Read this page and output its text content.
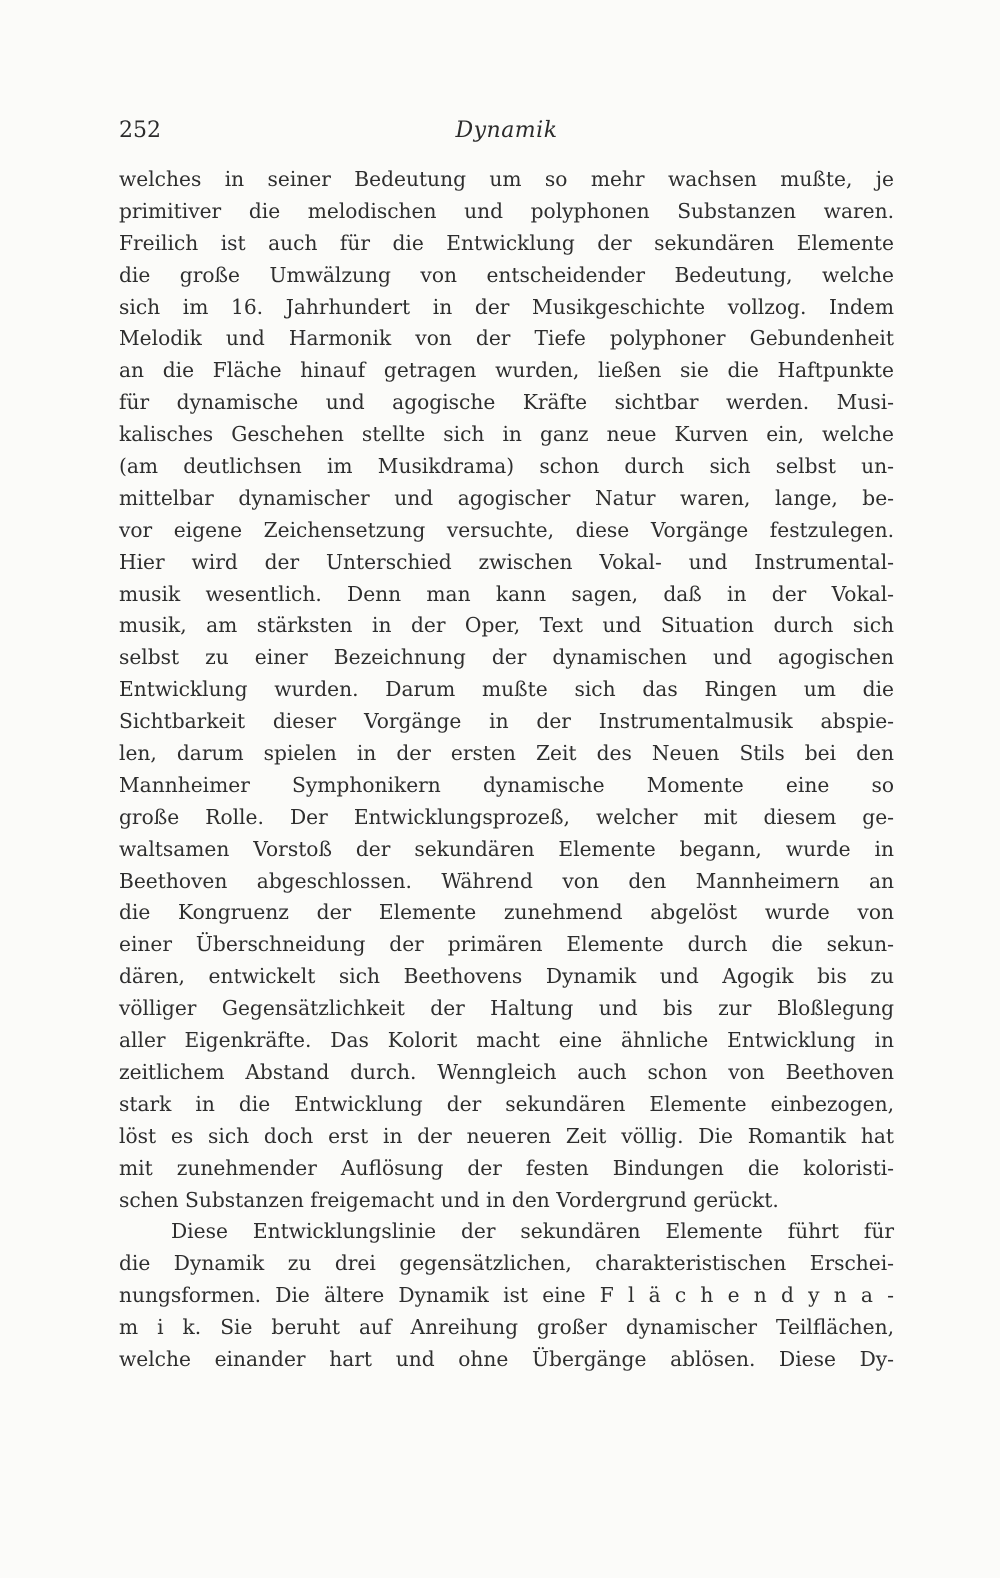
252	Dynamik
welches in seiner Bedeutung um so mehr wachsen mußte, je
primitiver die melodischen und polyphonen Substanzen waren.
Freilich ist auch für die Entwicklung der sekundären Elemente
die große Umwälzung von entscheidender Bedeutung, welche
sich im 16. Jahrhundert in der Musikgeschichte vollzog. Indem
Melodik und Harmonik von der Tiefe polyphoner Gebundenheit
an die Fläche hinauf getragen wurden, ließen sie die Haftpunkte
für dynamische und agogische Kräfte sichtbar werden. Musi-
kalisches Geschehen stellte sich in ganz neue Kurven ein, welche
(am deutlichsen im Musikdrama) schon durch sich selbst un-
mittelbar dynamischer und agogischer Natur waren, lange, be-
vor eigene Zeichensetzung versuchte, diese Vorgänge festzulegen.
Hier wird der Unterschied zwischen Vokal- und Instrumental-
musik wesentlich. Denn man kann sagen, daß in der Vokal-
musik, am stärksten in der Oper, Text und Situation durch sich
selbst zu einer Bezeichnung der dynamischen und agogischen
Entwicklung wurden. Darum mußte sich das Ringen um die
Sichtbarkeit dieser Vorgänge in der Instrumentalmusik abspie-
len, darum spielen in der ersten Zeit des Neuen Stils bei den
Mannheimer Symphonikern dynamische Momente eine so
große Rolle. Der Entwicklungsprozeß, welcher mit diesem ge-
waltsamen Vorstoß der sekundären Elemente begann, wurde in
Beethoven abgeschlossen. Während von den Mannheimern an
die Kongruenz der Elemente zunehmend abgelöst wurde von
einer Überschneidung der primären Elemente durch die sekun-
dären, entwickelt sich Beethovens Dynamik und Agogik bis zu
völliger Gegensätzlichkeit der Haltung und bis zur Bloßlegung
aller Eigenkräfte. Das Kolorit macht eine ähnliche Entwicklung in
zeitlichem Abstand durch. Wenngleich auch schon von Beethoven
stark in die Entwicklung der sekundären Elemente einbezogen,
löst es sich doch erst in der neueren Zeit völlig. Die Romantik hat
mit zunehmender Auflösung der festen Bindungen die koloristi-
schen Substanzen freigemacht und in den Vordergrund gerückt.
Diese Entwicklungslinie der sekundären Elemente führt für
die Dynamik zu drei gegensätzlichen, charakteristischen Erschei-
nungsformen. Die ältere Dynamik ist eine F l ä c h e n d y n a -
m i k. Sie beruht auf Anreihung großer dynamischer Teilflächen,
welche einander hart und ohne Übergänge ablösen. Diese Dy-
